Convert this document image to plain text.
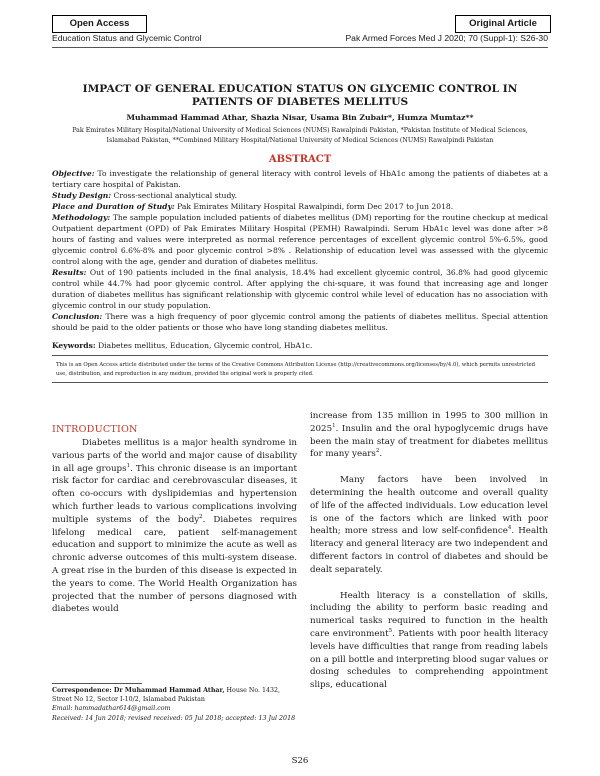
Open Access	Original Article
Education Status and Glycemic Control	Pak Armed Forces Med J 2020; 70 (Suppl-1): S26-30
IMPACT OF GENERAL EDUCATION STATUS ON GLYCEMIC CONTROL IN PATIENTS OF DIABETES MELLITUS
Muhammad Hammad Athar, Shazia Nisar, Usama Bin Zubair*, Humza Mumtaz**
Pak Emirates Military Hospital/National University of Medical Sciences (NUMS) Rawalpindi Pakistan, *Pakistan Institute of Medical Sciences, Islamabad Pakistan, **Combined Military Hospital/National University of Medical Sciences (NUMS) Rawalpindi Pakistan
ABSTRACT

Objective: To investigate the relationship of general literacy with control levels of HbA1c among the patients of diabetes at a tertiary care hospital of Pakistan.

Study Design: Cross-sectional analytical study.

Place and Duration of Study: Pak Emirates Military Hospital Rawalpindi, form Dec 2017 to Jun 2018.

Methodology: The sample population included patients of diabetes mellitus (DM) reporting for the routine checkup at medical Outpatient department (OPD) of Pak Emirates Military Hospital (PEMH) Rawalpindi. Serum HbA1c level was done after >8 hours of fasting and values were interpreted as normal reference percentages of excellent glycemic control 5%-6.5%, good glycemic control 6.6%-8% and poor glycemic control >8% . Relationship of education level was assessed with the glycemic control along with the age, gender and duration of diabetes mellitus.

Results: Out of 190 patients included in the final analysis, 18.4% had excellent glycemic control, 36.8% had good glycemic control while 44.7% had poor glycemic control. After applying the chi-square, it was found that increasing age and longer duration of diabetes mellitus has significant relationship with glycemic control while level of education has no association with glycemic control in our study population.

Conclusion: There was a high frequency of poor glycemic control among the patients of diabetes mellitus. Special attention should be paid to the older patients or those who have long standing diabetes mellitus.

Keywords: Diabetes mellitus, Education, Glycemic control, HbA1c.
This is an Open Access article distributed under the terms of the Creative Commons Attribution License (http://creativecommons.org/licenses/by/4.0), which permits unrestricted use, distribution, and reproduction in any medium, provided the original work is properly cited.
INTRODUCTION

Diabetes mellitus is a major health syndrome in various parts of the world and major cause of disability in all age groups$^1$. This chronic disease is an important risk factor for cardiac and cerebrovascular diseases, it often co-occurs with dyslipidemias and hypertension which further leads to various complications involving multiple systems of the body$^2$. Diabetes requires lifelong medical care, patient self-management education and support to minimize the acute as well as chronic adverse outcomes of this multi-system disease. A great rise in the burden of this disease is expected in the years to come. The World Health Organization has projected that the number of persons diagnosed with diabetes would

increase from 135 million in 1995 to 300 million in 2025$^1$. Insulin and the oral hypoglycemic drugs have been the main stay of treatment for diabetes mellitus for many years$^2$.

Many factors have been involved in determining the health outcome and overall quality of life of the affected individuals. Low education level is one of the factors which are linked with poor health; more stress and low self-confidence$^4$. Health literacy and general literacy are two independent and different factors in control of diabetes and should be dealt separately.

Health literacy is a constellation of skills, including the ability to perform basic reading and numerical tasks required to function in the health care environment$^5$. Patients with poor health literacy levels have difficulties that range from reading labels on a pill bottle and interpreting blood sugar values or dosing schedules to comprehending appointment slips, educational

Correspondence: Dr Muhammad Hammad Athar, House No. 1432, Street No 12, Sector I-10/2, Islamabad Pakistan
Email: hammadathar614@gmail.com
Received: 14 Jun 2018; revised received: 05 Jul 2018; accepted: 13 Jul 2018
S26
